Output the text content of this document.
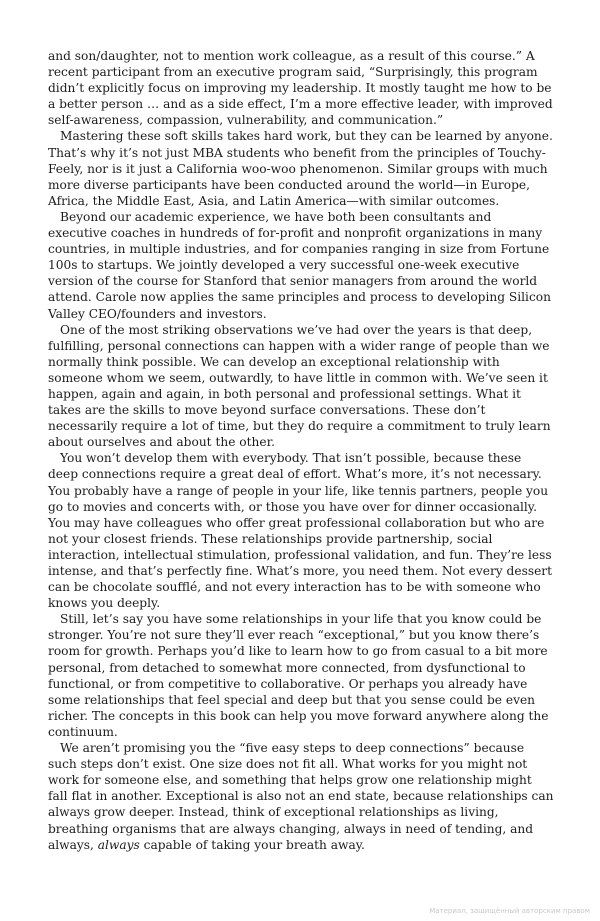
and son/daughter, not to mention work colleague, as a result of this course.” A recent participant from an executive program said, “Surprisingly, this program didn’t explicitly focus on improving my leadership. It mostly taught me how to be a better person … and as a side effect, I’m a more effective leader, with improved self-awareness, compassion, vulnerability, and communication.”

Mastering these soft skills takes hard work, but they can be learned by anyone. That’s why it’s not just MBA students who benefit from the principles of Touchy-Feely, nor is it just a California woo-woo phenomenon. Similar groups with much more diverse participants have been conducted around the world—in Europe, Africa, the Middle East, Asia, and Latin America—with similar outcomes.

Beyond our academic experience, we have both been consultants and executive coaches in hundreds of for-profit and nonprofit organizations in many countries, in multiple industries, and for companies ranging in size from Fortune 100s to startups. We jointly developed a very successful one-week executive version of the course for Stanford that senior managers from around the world attend. Carole now applies the same principles and process to developing Silicon Valley CEO/founders and investors.

One of the most striking observations we’ve had over the years is that deep, fulfilling, personal connections can happen with a wider range of people than we normally think possible. We can develop an exceptional relationship with someone whom we seem, outwardly, to have little in common with. We’ve seen it happen, again and again, in both personal and professional settings. What it takes are the skills to move beyond surface conversations. These don’t necessarily require a lot of time, but they do require a commitment to truly learn about ourselves and about the other.

You won’t develop them with everybody. That isn’t possible, because these deep connections require a great deal of effort. What’s more, it’s not necessary. You probably have a range of people in your life, like tennis partners, people you go to movies and concerts with, or those you have over for dinner occasionally. You may have colleagues who offer great professional collaboration but who are not your closest friends. These relationships provide partnership, social interaction, intellectual stimulation, professional validation, and fun. They’re less intense, and that’s perfectly fine. What’s more, you need them. Not every dessert can be chocolate soufflé, and not every interaction has to be with someone who knows you deeply.

Still, let’s say you have some relationships in your life that you know could be stronger. You’re not sure they’ll ever reach “exceptional,” but you know there’s room for growth. Perhaps you’d like to learn how to go from casual to a bit more personal, from detached to somewhat more connected, from dysfunctional to functional, or from competitive to collaborative. Or perhaps you already have some relationships that feel special and deep but that you sense could be even richer. The concepts in this book can help you move forward anywhere along the continuum.

We aren’t promising you the “five easy steps to deep connections” because such steps don’t exist. One size does not fit all. What works for you might not work for someone else, and something that helps grow one relationship might fall flat in another. Exceptional is also not an end state, because relationships can always grow deeper. Instead, think of exceptional relationships as living, breathing organisms that are always changing, always in need of tending, and always, always capable of taking your breath away.

Материал, защищённый авторским правом
